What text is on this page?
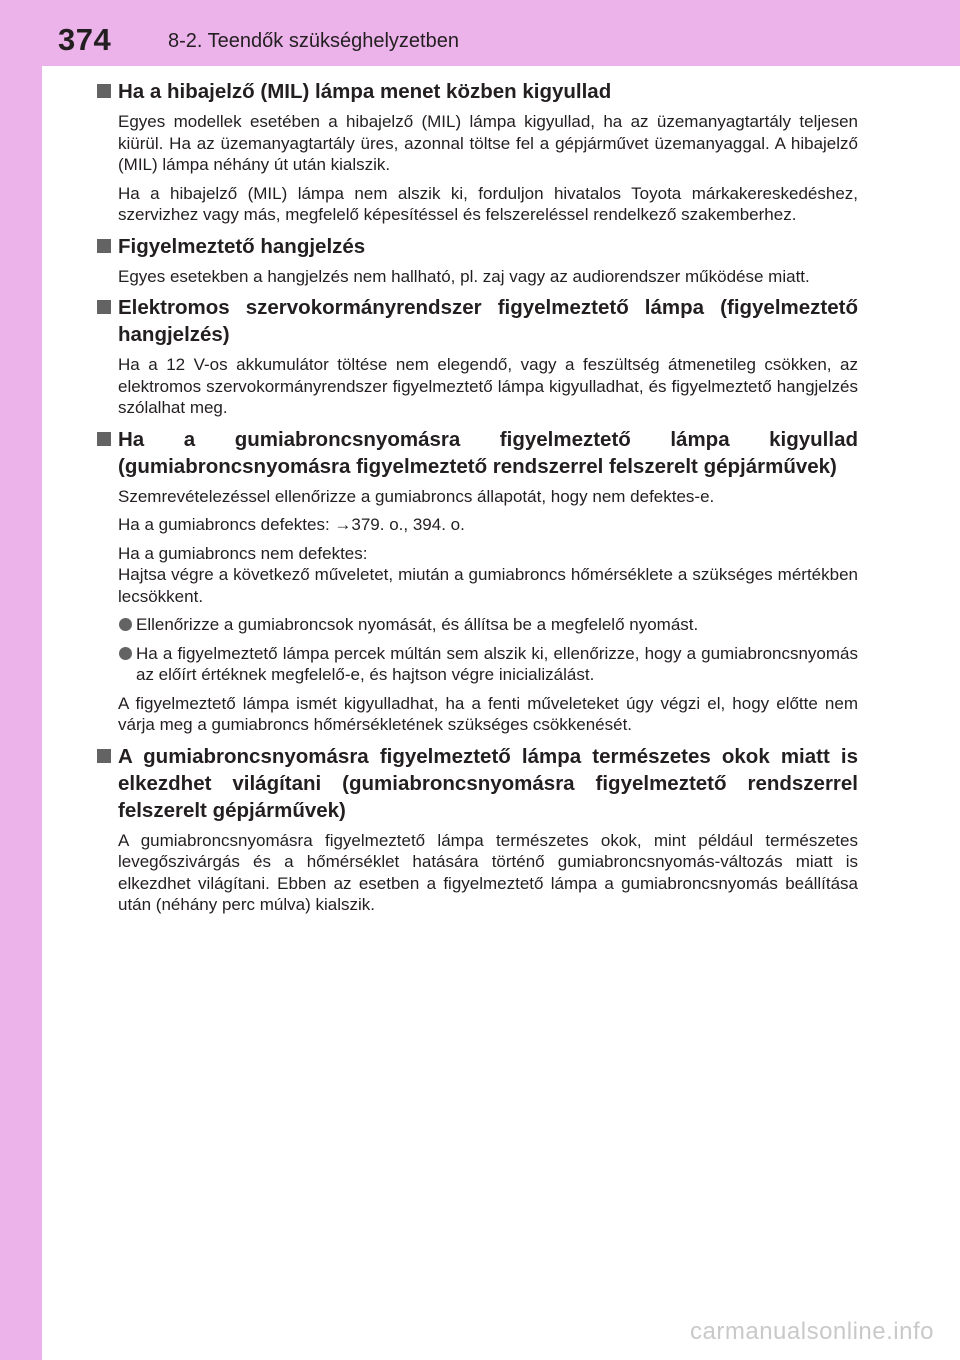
374	8-2. Teendők szükséghelyzetben
Ha a hibajelző (MIL) lámpa menet közben kigyullad

Egyes modellek esetében a hibajelző (MIL) lámpa kigyullad, ha az üzemanyagtartály teljesen kiürül. Ha az üzemanyagtartály üres, azonnal töltse fel a gépjárművet üzemanyaggal. A hibajelző (MIL) lámpa néhány út után kialszik.

Ha a hibajelző (MIL) lámpa nem alszik ki, forduljon hivatalos Toyota márkakereskedéshez, szervizhez vagy más, megfelelő képesítéssel és felszereléssel rendelkező szakemberhez.

Figyelmeztető hangjelzés

Egyes esetekben a hangjelzés nem hallható, pl. zaj vagy az audiorendszer működése miatt.

Elektromos szervokormányrendszer figyelmeztető lámpa (figyelmeztető hangjelzés)

Ha a 12 V-os akkumulátor töltése nem elegendő, vagy a feszültség átmenetileg csökken, az elektromos szervokormányrendszer figyelmeztető lámpa kigyulladhat, és figyelmeztető hangjelzés szólalhat meg.

Ha a gumiabroncsnyomásra figyelmeztető lámpa kigyullad (gumiabroncsnyomásra figyelmeztető rendszerrel felszerelt gépjárművek)

Szemrevételezéssel ellenőrizze a gumiabroncs állapotát, hogy nem defektes-e.

Ha a gumiabroncs defektes: →379. o., 394. o.

Ha a gumiabroncs nem defektes:
Hajtsa végre a következő műveletet, miután a gumiabroncs hőmérséklete a szükséges mértékben lecsökkent.

Ellenőrizze a gumiabroncsok nyomását, és állítsa be a megfelelő nyomást.
Ha a figyelmeztető lámpa percek múltán sem alszik ki, ellenőrizze, hogy a gumiabroncsnyomás az előírt értéknek megfelelő-e, és hajtson végre inicializálást.

A figyelmeztető lámpa ismét kigyulladhat, ha a fenti műveleteket úgy végzi el, hogy előtte nem várja meg a gumiabroncs hőmérsékletének szükséges csökkenését.

A gumiabroncsnyomásra figyelmeztető lámpa természetes okok miatt is elkezdhet világítani (gumiabroncsnyomásra figyelmeztető rendszerrel felszerelt gépjárművek)

A gumiabroncsnyomásra figyelmeztető lámpa természetes okok, mint például természetes levegőszivárgás és a hőmérséklet hatására történő gumiabroncsnyomás-változás miatt is elkezdhet világítani. Ebben az esetben a figyelmeztető lámpa a gumiabroncsnyomás beállítása után (néhány perc múlva) kialszik.

carmanualsonline.info
